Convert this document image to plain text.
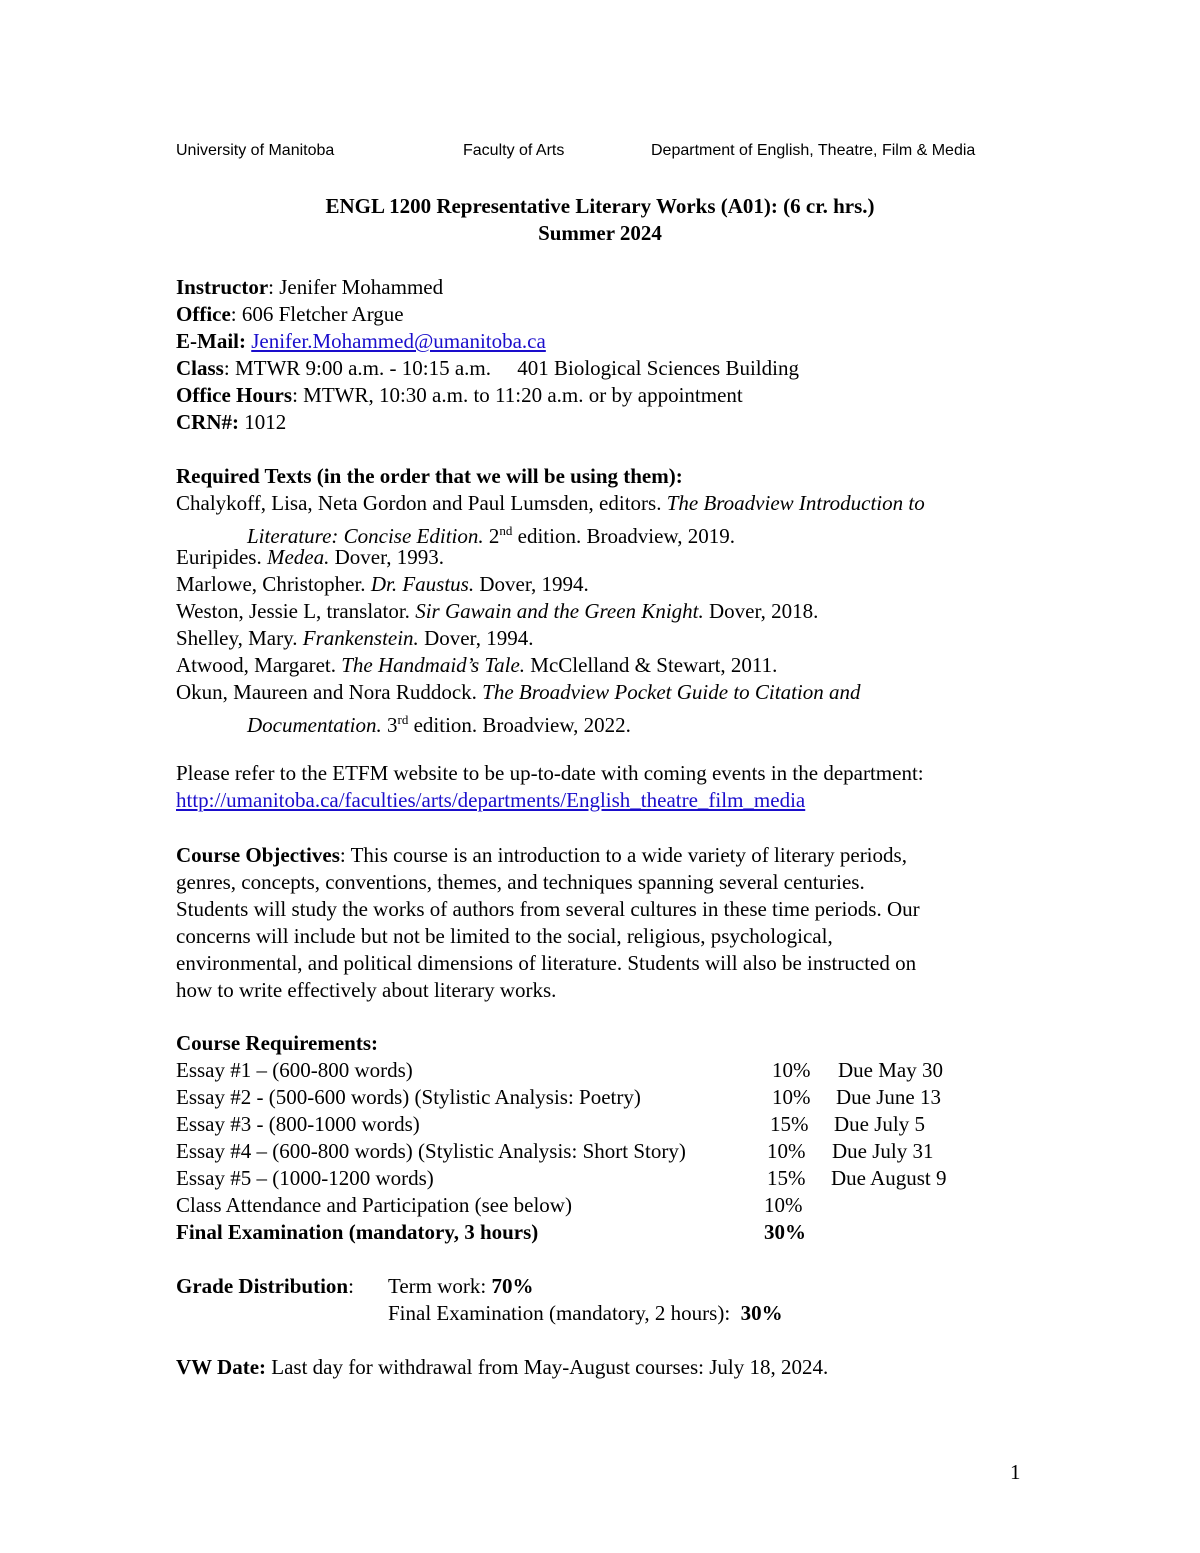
University of Manitoba	Faculty of Arts	Department of English, Theatre, Film & Media
ENGL 1200 Representative Literary Works (A01): (6 cr. hrs.)
Summer 2024
Instructor: Jenifer Mohammed
Office: 606 Fletcher Argue
E-Mail: Jenifer.Mohammed@umanitoba.ca
Class: MTWR 9:00 a.m. - 10:15 a.m.     401 Biological Sciences Building
Office Hours: MTWR, 10:30 a.m. to 11:20 a.m. or by appointment
CRN#: 1012
Required Texts (in the order that we will be using them):
Chalykoff, Lisa, Neta Gordon and Paul Lumsden, editors. The Broadview Introduction to
Literature: Concise Edition. 2nd edition. Broadview, 2019.
Euripides. Medea. Dover, 1993.
Marlowe, Christopher. Dr. Faustus. Dover, 1994.
Weston, Jessie L, translator. Sir Gawain and the Green Knight. Dover, 2018.
Shelley, Mary. Frankenstein. Dover, 1994.
Atwood, Margaret. The Handmaid’s Tale. McClelland & Stewart, 2011.
Okun, Maureen and Nora Ruddock. The Broadview Pocket Guide to Citation and
Documentation. 3rd edition. Broadview, 2022.
Please refer to the ETFM website to be up-to-date with coming events in the department:
http://umanitoba.ca/faculties/arts/departments/English_theatre_film_media
Course Objectives: This course is an introduction to a wide variety of literary periods,
genres, concepts, conventions, themes, and techniques spanning several centuries.
Students will study the works of authors from several cultures in these time periods. Our
concerns will include but not be limited to the social, religious, psychological,
environmental, and political dimensions of literature. Students will also be instructed on
how to write effectively about literary works.
Course Requirements:
Essay #1 – (600-800 words)	10% Due May 30
Essay #2 - (500-600 words) (Stylistic Analysis: Poetry)	10% Due June 13
Essay #3 - (800-1000 words)	15% Due July 5
Essay #4 – (600-800 words) (Stylistic Analysis: Short Story)	10% Due July 31
Essay #5 – (1000-1200 words)	15% Due August 9
Class Attendance and Participation (see below)	10%
Final Examination (mandatory, 3 hours)	30%
Grade Distribution: Term work: 70%
Final Examination (mandatory, 2 hours):  30%
VW Date: Last day for withdrawal from May-August courses: July 18, 2024.
1
